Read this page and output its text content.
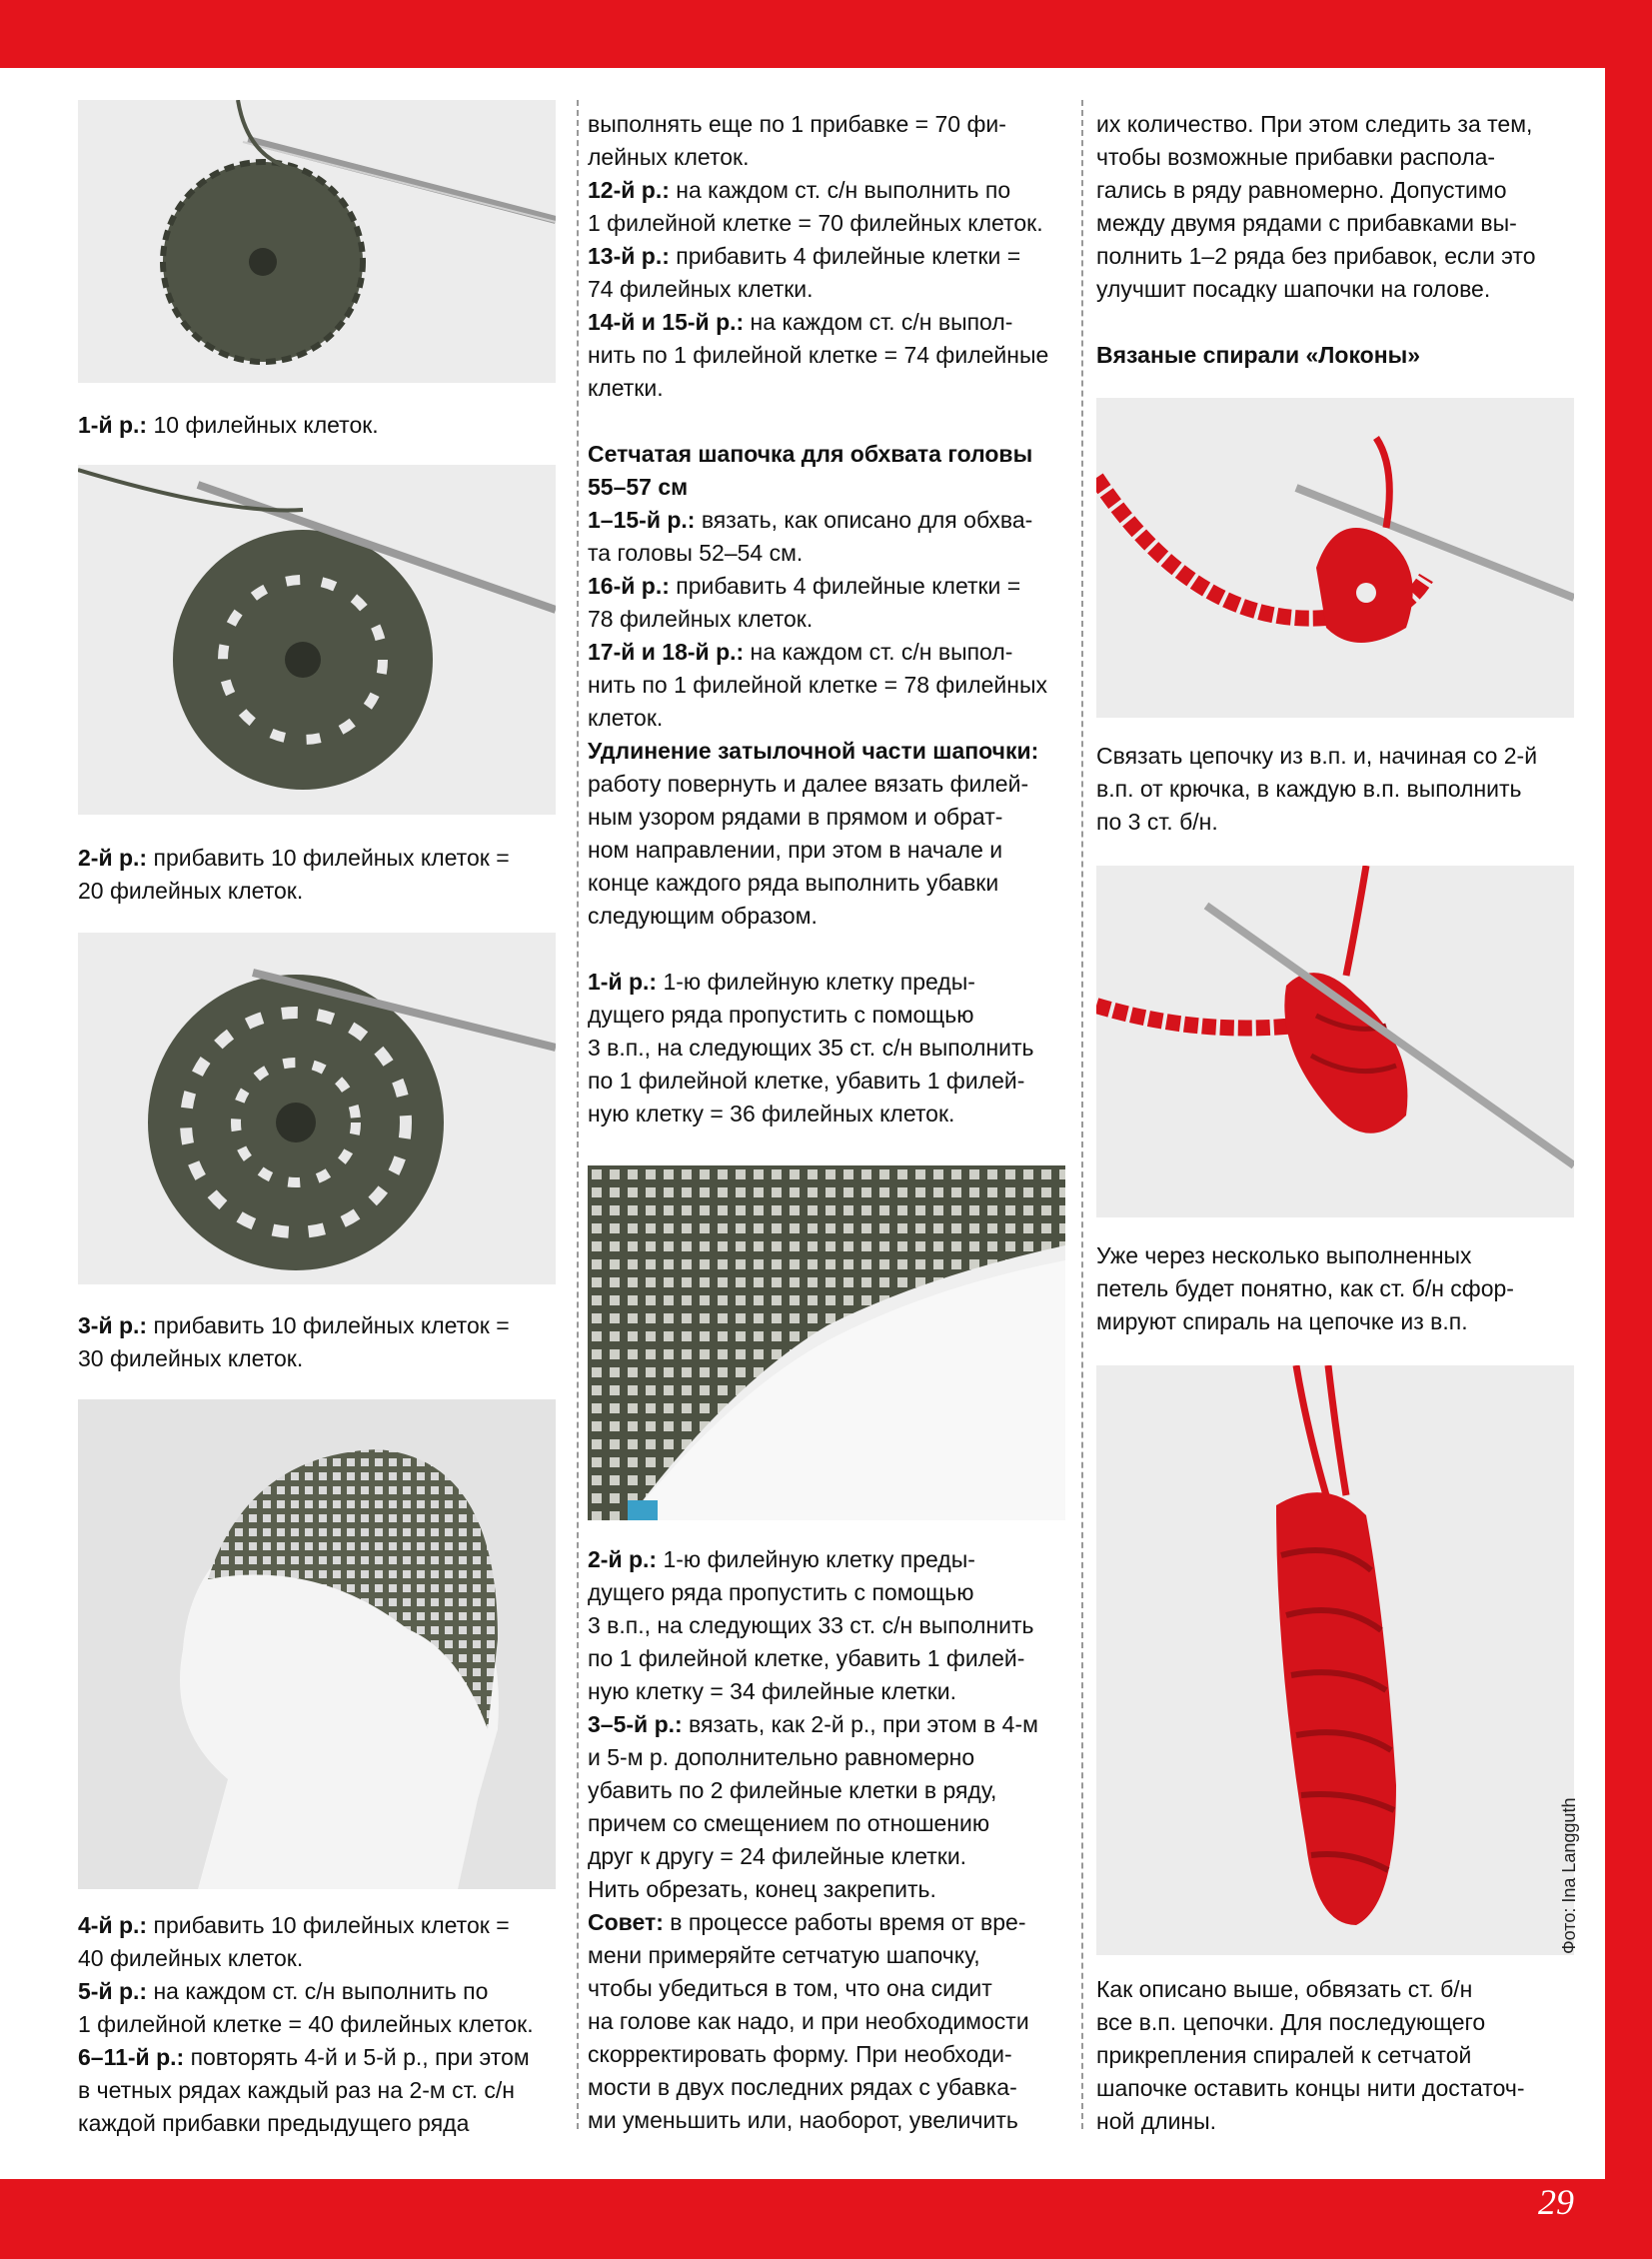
29
1-й р.: 10 филейных клеток.
2-й р.: прибавить 10 филейных клеток =
20 филейных клеток.
3-й р.: прибавить 10 филейных клеток =
30 филейных клеток.
4-й р.: прибавить 10 филейных клеток =
40 филейных клеток.
5-й р.: на каждом ст. с/н выполнить по
1 филейной клетке = 40 филейных клеток.
6–11-й р.: повторять 4-й и 5-й р., при этом
в четных рядах каждый раз на 2-м ст. с/н
каждой прибавки предыдущего ряда

выполнять еще по 1 прибавке = 70 фи-
лейных клеток.

12-й р.: на каждом ст. с/н выполнить по
1 филейной клетке = 70 филейных клеток.

13-й р.: прибавить 4 филейные клетки =
74 филейных клетки.

14-й и 15-й р.: на каждом ст. с/н выпол-
нить по 1 филейной клетке = 74 филейные
клетки.

Сетчатая шапочка для обхвата головы
55–57 см

1–15-й р.: вязать, как описано для обхва-
та головы 52–54 см.

16-й р.: прибавить 4 филейные клетки =
78 филейных клеток.

17-й и 18-й р.: на каждом ст. с/н выпол-
нить по 1 филейной клетке = 78 филейных
клеток.

Удлинение затылочной части шапочки:
работу повернуть и далее вязать филей-
ным узором рядами в прямом и обрат-
ном направлении, при этом в начале и
конце каждого ряда выполнить убавки
следующим образом.

1-й р.: 1-ю филейную клетку преды-
дущего ряда пропустить с помощью
3 в.п., на следующих 35 ст. с/н выполнить
по 1 филейной клетке, убавить 1 филей-
ную клетку = 36 филейных клеток.

2-й р.: 1-ю филейную клетку преды-
дущего ряда пропустить с помощью
3 в.п., на следующих 33 ст. с/н выполнить
по 1 филейной клетке, убавить 1 филей-
ную клетку = 34 филейные клетки.

3–5-й р.: вязать, как 2-й р., при этом в 4-м
и 5-м р. дополнительно равномерно
убавить по 2 филейные клетки в ряду,
причем со смещением по отношению
друг к другу = 24 филейные клетки.
Нить обрезать, конец закрепить.

Совет: в процессе работы время от вре-
мени примеряйте сетчатую шапочку,
чтобы убедиться в том, что она сидит
на голове как надо, и при необходимости
скорректировать форму. При необходи-
мости в двух последних рядах с убавка-
ми уменьшить или, наоборот, увеличить

их количество. При этом следить за тем,
чтобы возможные прибавки распола-
гались в ряду равномерно. Допустимо
между двумя рядами с прибавками вы-
полнить 1–2 ряда без прибавок, если это
улучшит посадку шапочки на голове.

Вязаные спирали «Локоны»

Связать цепочку из в.п. и, начиная со 2-й
в.п. от крючка, в каждую в.п. выполнить
по 3 ст. б/н.

Уже через несколько выполненных
петель будет понятно, как ст. б/н сфор-
мируют спираль на цепочке из в.п.

Фото: Ina Langguth

Как описано выше, обвязать ст. б/н
все в.п. цепочки. Для последующего
прикрепления спиралей к сетчатой
шапочке оставить концы нити достаточ-
ной длины.
